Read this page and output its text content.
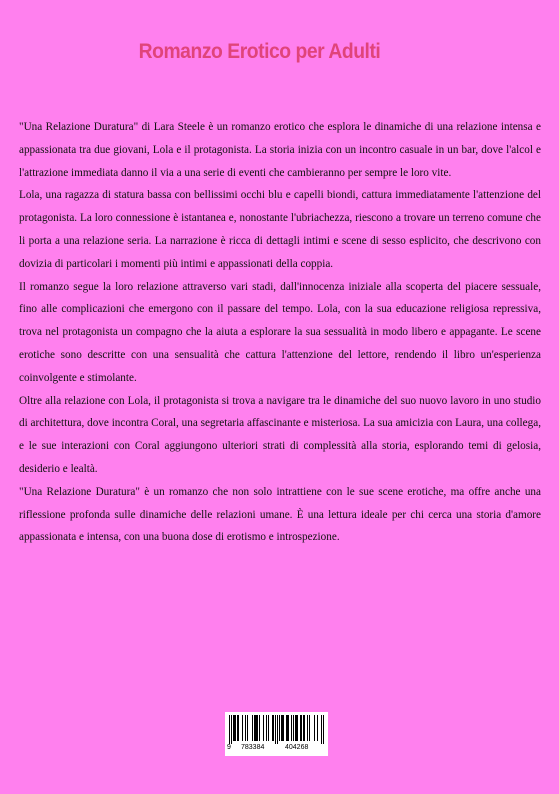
Romanzo Erotico per Adulti

"Una Relazione Duratura" di Lara Steele è un romanzo erotico che esplora le dinamiche di una relazione intensa e appassionata tra due giovani, Lola e il protagonista. La storia inizia con un incontro casuale in un bar, dove l'alcol e l'attrazione immediata danno il via a una serie di eventi che cambieranno per sempre le loro vite.

Lola, una ragazza di statura bassa con bellissimi occhi blu e capelli biondi, cattura immediatamente l'attenzione del protagonista. La loro connessione è istantanea e, nonostante l'ubriachezza, riescono a trovare un terreno comune che li porta a una relazione seria. La narrazione è ricca di dettagli intimi e scene di sesso esplicito, che descrivono con dovizia di particolari i momenti più intimi e appassionati della coppia.

Il romanzo segue la loro relazione attraverso vari stadi, dall'innocenza iniziale alla scoperta del piacere sessuale, fino alle complicazioni che emergono con il passare del tempo. Lola, con la sua educazione religiosa repressiva, trova nel protagonista un compagno che la aiuta a esplorare la sua sessualità in modo libero e appagante. Le scene erotiche sono descritte con una sensualità che cattura l'attenzione del lettore, rendendo il libro un'esperienza coinvolgente e stimolante.

Oltre alla relazione con Lola, il protagonista si trova a navigare tra le dinamiche del suo nuovo lavoro in uno studio di architettura, dove incontra Coral, una segretaria affascinante e misteriosa. La sua amicizia con Laura, una collega, e le sue interazioni con Coral aggiungono ulteriori strati di complessità alla storia, esplorando temi di gelosia, desiderio e lealtà.

"Una Relazione Duratura" è un romanzo che non solo intrattiene con le sue scene erotiche, ma offre anche una riflessione profonda sulle dinamiche delle relazioni umane. È una lettura ideale per chi cerca una storia d'amore appassionata e intensa, con una buona dose di erotismo e introspezione.

9 783384	404268
